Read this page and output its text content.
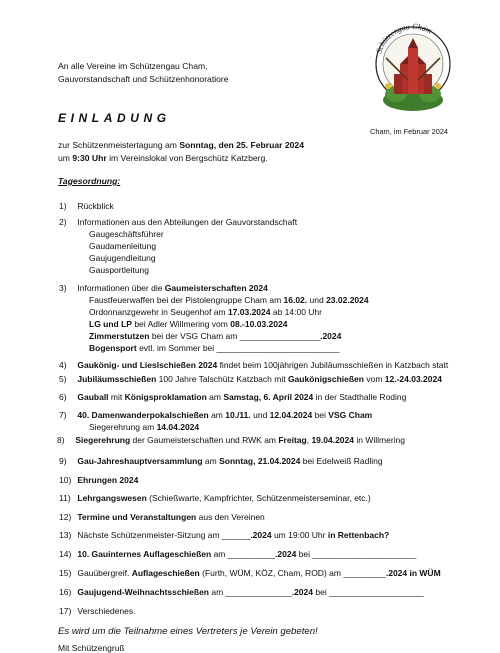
An alle Vereine im Schützengau Cham,
Gauvorstandschaft und Schützenhonoratiore
Schützengau Cham
EINLADUNG
Cham, im Februar 2024
zur Schützenmeistertagung am Sonntag, den 25. Februar 2024
um 9:30 Uhr im Vereinslokal von Bergschütz Katzberg.
Tagesordnung:
1) Rückblick
2) Informationen aus den Abteilungen der Gauvorstandschaft
Gaugeschäftsführer
Gaudamenleitung
Gaujugendleitung
Gausportleitung
3) Informationen über die Gaumeisterschaften 2024
Faustfeuerwaffen bei der Pistolengruppe Cham am 16.02. und 23.02.2024
Ordonnanzgewehr in Seugenhof am 17.03.2024 ab 14:00 Uhr
LG und LP bei Adler Willmering vom 08.-10.03.2024
Zimmerstutzen bei der VSG Cham am _________________.2024
Bogensport evtl. im Sommer bei __________________________
4) Gaukönig- und Lieslschießen 2024 findet beim 100jährigen Jubiläumsschießen in Katzbach statt
5) Jubiläumsschießen 100 Jahre Talschütz Katzbach mit Gaukönigschießen vom 12.-24.03.2024
6) Gauball mit Königsproklamation am Samstag, 6. April 2024 in der Stadthalle Roding
7) 40. Damenwanderpokalschießen am 10./11. und 12.04.2024 bei VSG Cham
Siegerehrung am 14.04.2024
8) Siegerehrung der Gaumeisterschaften und RWK am Freitag, 19.04.2024 in Willmering
9) Gau-Jahreshauptversammlung am Sonntag, 21.04.2024 bei Edelweiß Radling
10) Ehrungen 2024
11) Lehrgangswesen (Schießwarte, Kampfrichter, Schützenmeisterseminar, etc.)
12) Termine und Veranstaltungen aus den Vereinen
13) Nächste Schützenmeister-Sitzung am ______.2024 um 19:00 Uhr in Rettenbach?
14) 10. Gauinternes Auflageschießen am __________.2024 bei ______________________
15) Gauübergreif. Auflageschießen (Furth, WÜM, KÖZ, Cham, ROD) am _________.2024 in WÜM
16) Gaujugend-Weihnachtsschießen am ______________.2024 bei ____________________
17) Verschiedenes.
Es wird um die Teilnahme eines Vertreters je Verein gebeten!
Mit Schützengruß
